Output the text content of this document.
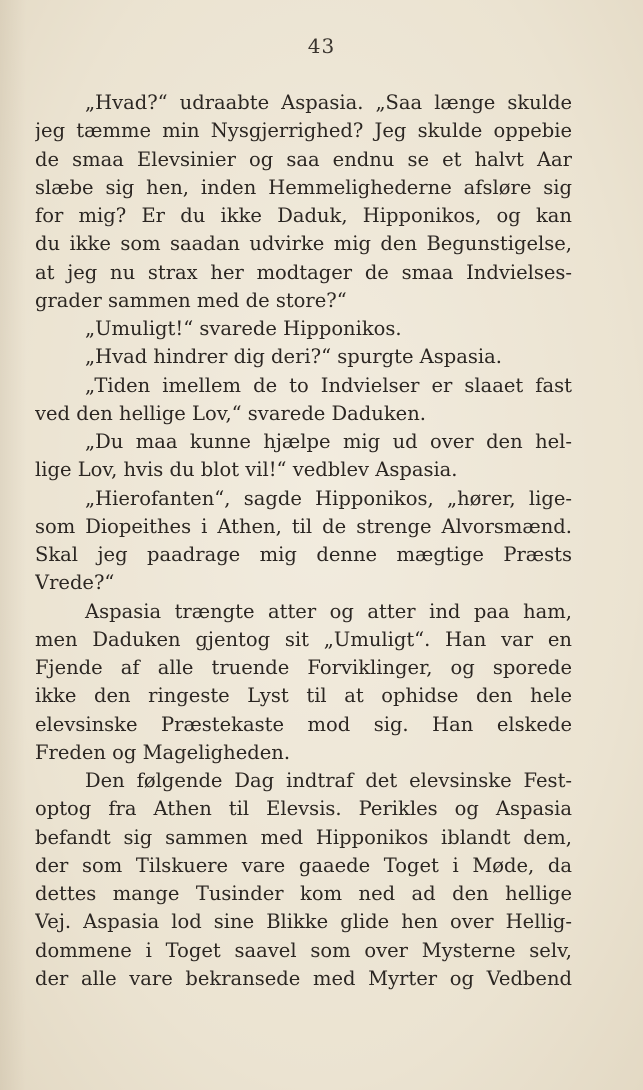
43
„Hvad?“ udraabte Aspasia. „Saa længe skulde
jeg tæmme min Nysgjerrighed? Jeg skulde oppebie
de smaa Elevsinier og saa endnu se et halvt Aar
slæbe sig hen, inden Hemmelighederne afsløre sig
for mig? Er du ikke Daduk, Hipponikos, og kan
du ikke som saadan udvirke mig den Begunstigelse,
at jeg nu strax her modtager de smaa Indvielses-
grader sammen med de store?“
„Umuligt!“ svarede Hipponikos.
„Hvad hindrer dig deri?“ spurgte Aspasia.
„Tiden imellem de to Indvielser er slaaet fast
ved den hellige Lov,“ svarede Daduken.
„Du maa kunne hjælpe mig ud over den hel-
lige Lov, hvis du blot vil!“ vedblev Aspasia.
„Hierofanten“, sagde Hipponikos, „hører, lige-
som Diopeithes i Athen, til de strenge Alvorsmænd.
Skal jeg paadrage mig denne mægtige Præsts
Vrede?“
Aspasia trængte atter og atter ind paa ham,
men Daduken gjentog sit „Umuligt“. Han var en
Fjende af alle truende Forviklinger, og sporede
ikke den ringeste Lyst til at ophidse den hele
elevsinske Præstekaste mod sig. Han elskede
Freden og Mageligheden.
Den følgende Dag indtraf det elevsinske Fest-
optog fra Athen til Elevsis. Perikles og Aspasia
befandt sig sammen med Hipponikos iblandt dem,
der som Tilskuere vare gaaede Toget i Møde, da
dettes mange Tusinder kom ned ad den hellige
Vej. Aspasia lod sine Blikke glide hen over Hellig-
dommene i Toget saavel som over Mysterne selv,
der alle vare bekransede med Myrter og Vedbend
